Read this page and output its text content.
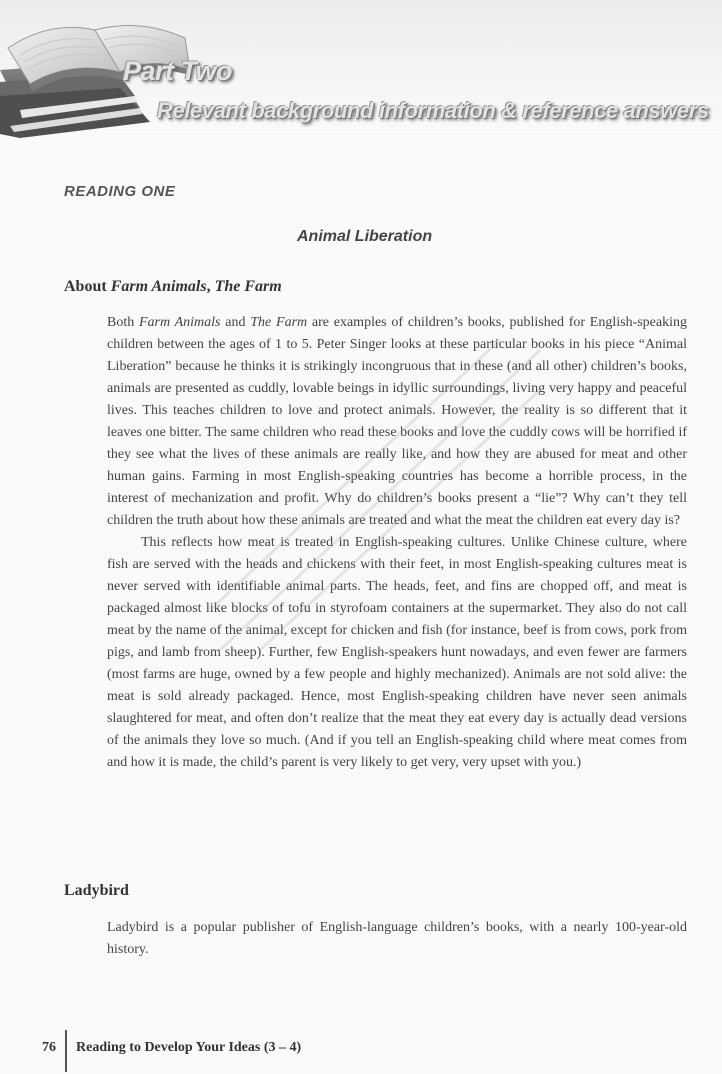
Part Two
Relevant background information & reference answers
READING ONE
Animal Liberation
About Farm Animals, The Farm

Both Farm Animals and The Farm are examples of children’s books, published for English-speaking children between the ages of 1 to 5. Peter Singer looks at these particular books in his piece “Animal Liberation” because he thinks it is strikingly incongruous that in these (and all other) children’s books, animals are presented as cuddly, lovable beings in idyllic surroundings, living very happy and peaceful lives. This teaches children to love and protect animals. However, the reality is so different that it leaves one bitter. The same children who read these books and love the cuddly cows will be horrified if they see what the lives of these animals are really like, and how they are abused for meat and other human gains. Farming in most English-speaking countries has become a horrible process, in the interest of mechanization and profit. Why do children’s books present a “lie”? Why can’t they tell children the truth about how these animals are treated and what the meat the children eat every day is?

This reflects how meat is treated in English-speaking cultures. Unlike Chinese culture, where fish are served with the heads and chickens with their feet, in most English-speaking cultures meat is never served with identifiable animal parts. The heads, feet, and fins are chopped off, and meat is packaged almost like blocks of tofu in styrofoam containers at the supermarket. They also do not call meat by the name of the animal, except for chicken and fish (for instance, beef is from cows, pork from pigs, and lamb from sheep). Further, few English-speakers hunt nowadays, and even fewer are farmers (most farms are huge, owned by a few people and highly mechanized). Animals are not sold alive: the meat is sold already packaged. Hence, most English-speaking children have never seen animals slaughtered for meat, and often don’t realize that the meat they eat every day is actually dead versions of the animals they love so much. (And if you tell an English-speaking child where meat comes from and how it is made, the child’s parent is very likely to get very, very upset with you.)

Ladybird

Ladybird is a popular publisher of English-language children’s books, with a nearly 100-year-old history.

76 Reading to Develop Your Ideas (3 – 4)
